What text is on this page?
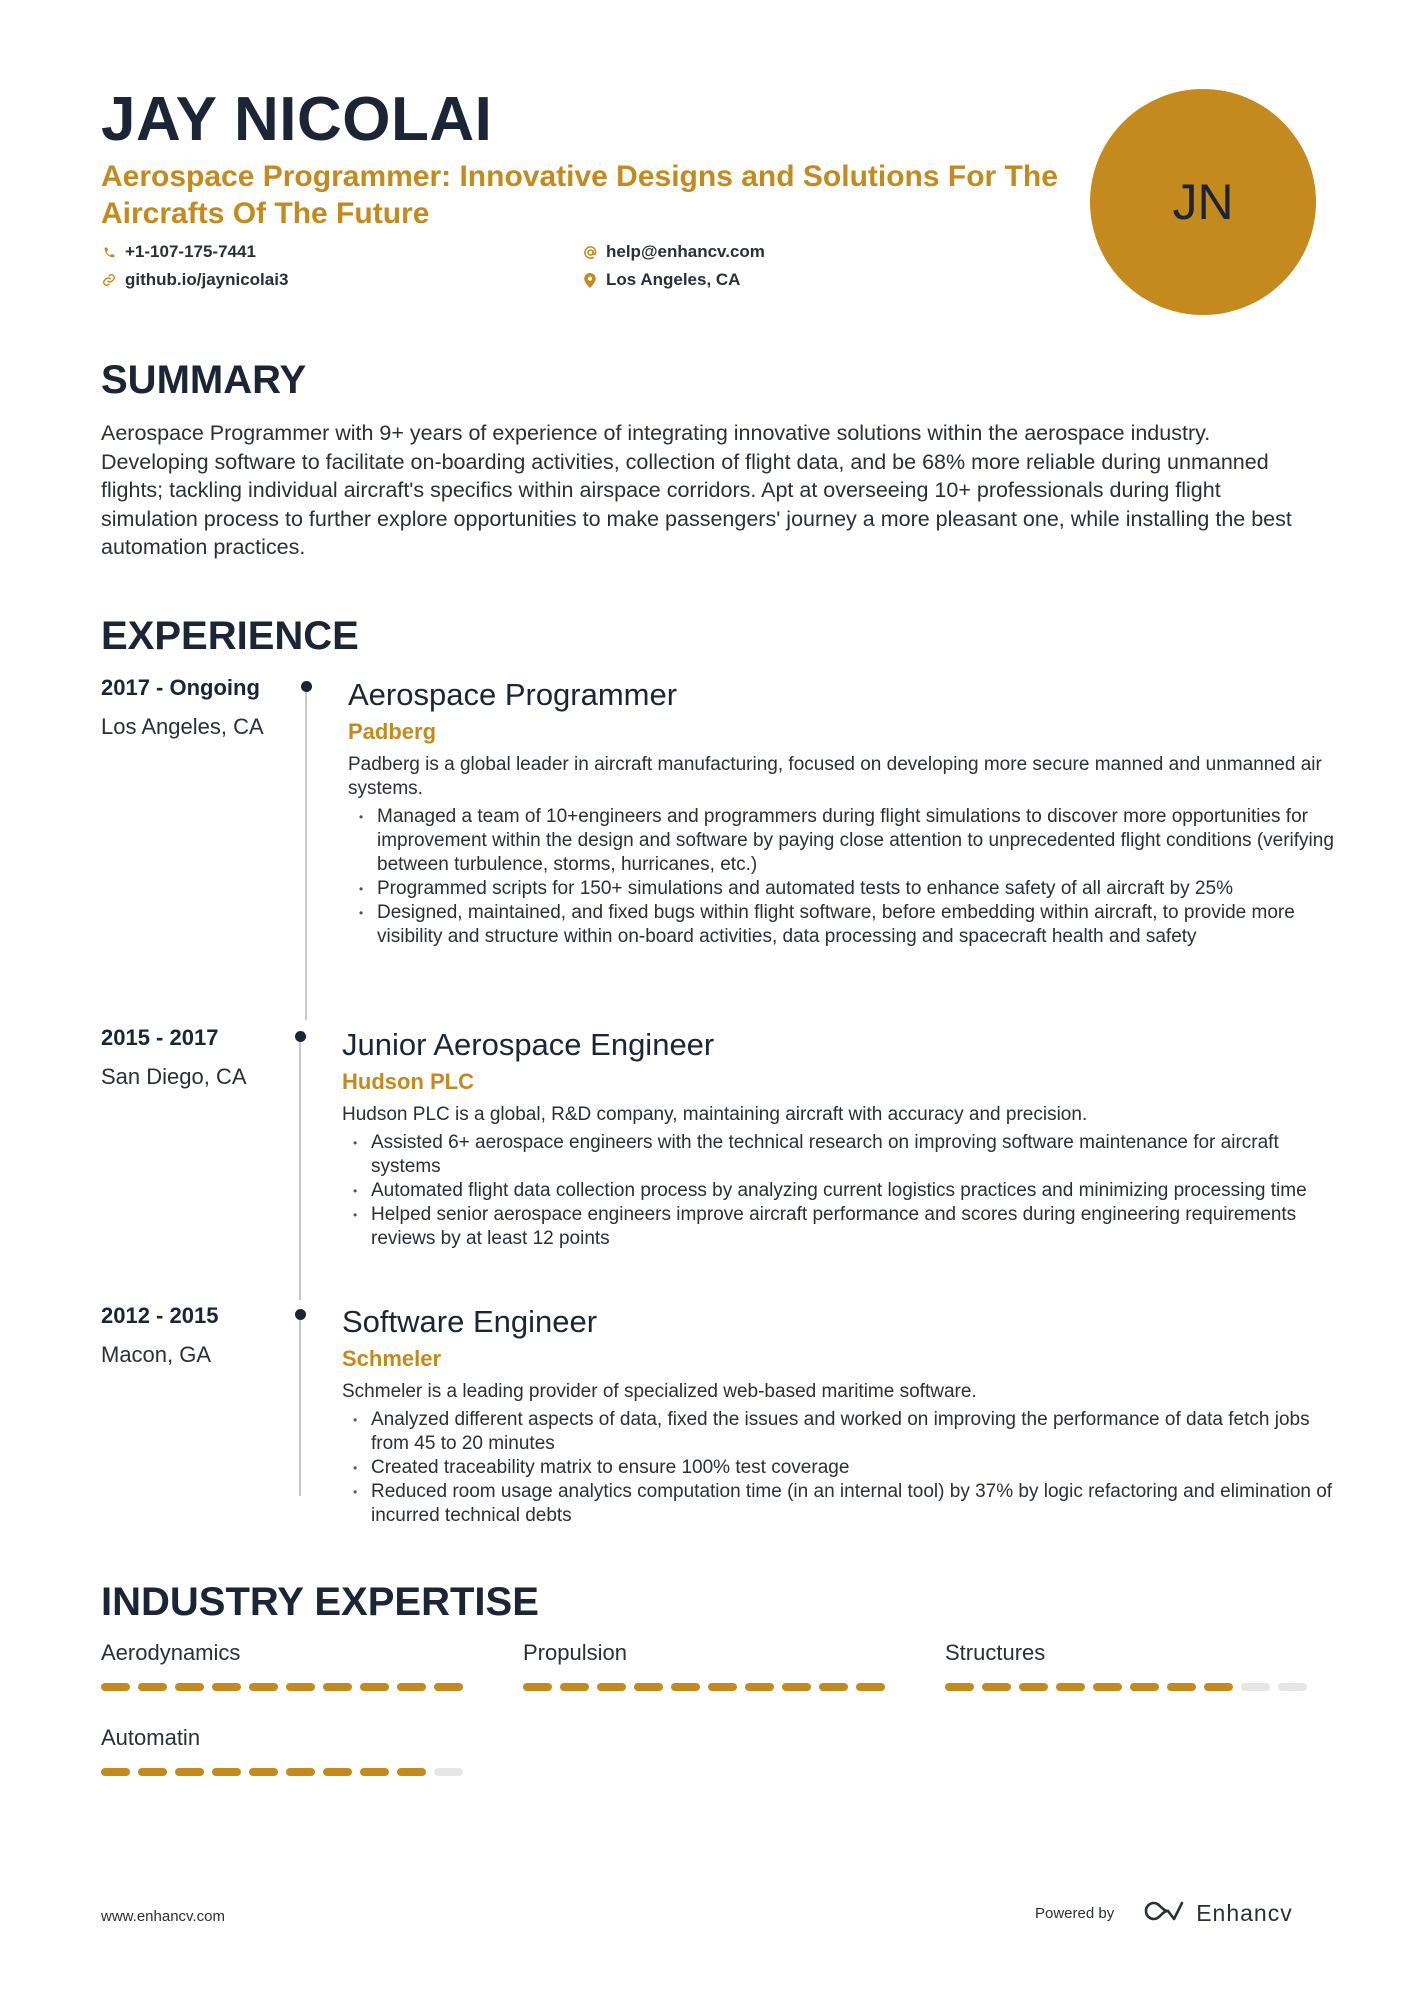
JAY NICOLAI
Aerospace Programmer: Innovative Designs and Solutions For The Aircrafts Of The Future
+1-107-175-7441	help@enhancv.com
github.io/jaynicolai3	Los Angeles, CA
JN
SUMMARY
Aerospace Programmer with 9+ years of experience of integrating innovative solutions within the aerospace industry. Developing software to facilitate on-boarding activities, collection of flight data, and be 68% more reliable during unmanned flights; tackling individual aircraft's specifics within airspace corridors. Apt at overseeing 10+ professionals during flight simulation process to further explore opportunities to make passengers' journey a more pleasant one, while installing the best automation practices.
EXPERIENCE
2017 - Ongoing
Los Angeles, CA
Aerospace Programmer
Padberg
Padberg is a global leader in aircraft manufacturing, focused on developing more secure manned and unmanned air systems.
• Managed a team of 10+engineers and programmers during flight simulations to discover more opportunities for improvement within the design and software by paying close attention to unprecedented flight conditions (verifying between turbulence, storms, hurricanes, etc.)
• Programmed scripts for 150+ simulations and automated tests to enhance safety of all aircraft by 25%
• Designed, maintained, and fixed bugs within flight software, before embedding within aircraft, to provide more visibility and structure within on-board activities, data processing and spacecraft health and safety
2015 - 2017
San Diego, CA
Junior Aerospace Engineer
Hudson PLC
Hudson PLC is a global, R&D company, maintaining aircraft with accuracy and precision.
• Assisted 6+ aerospace engineers with the technical research on improving software maintenance for aircraft systems
• Automated flight data collection process by analyzing current logistics practices and minimizing processing time
• Helped senior aerospace engineers improve aircraft performance and scores during engineering requirements reviews by at least 12 points
2012 - 2015
Macon, GA
Software Engineer
Schmeler
Schmeler is a leading provider of specialized web-based maritime software.
• Analyzed different aspects of data, fixed the issues and worked on improving the performance of data fetch jobs from 45 to 20 minutes
• Created traceability matrix to ensure 100% test coverage
• Reduced room usage analytics computation time (in an internal tool) by 37% by logic refactoring and elimination of incurred technical debts
INDUSTRY EXPERTISE
Aerodynamics	Propulsion	Structures
Automatin
www.enhancv.com	Powered by	Enhancv
